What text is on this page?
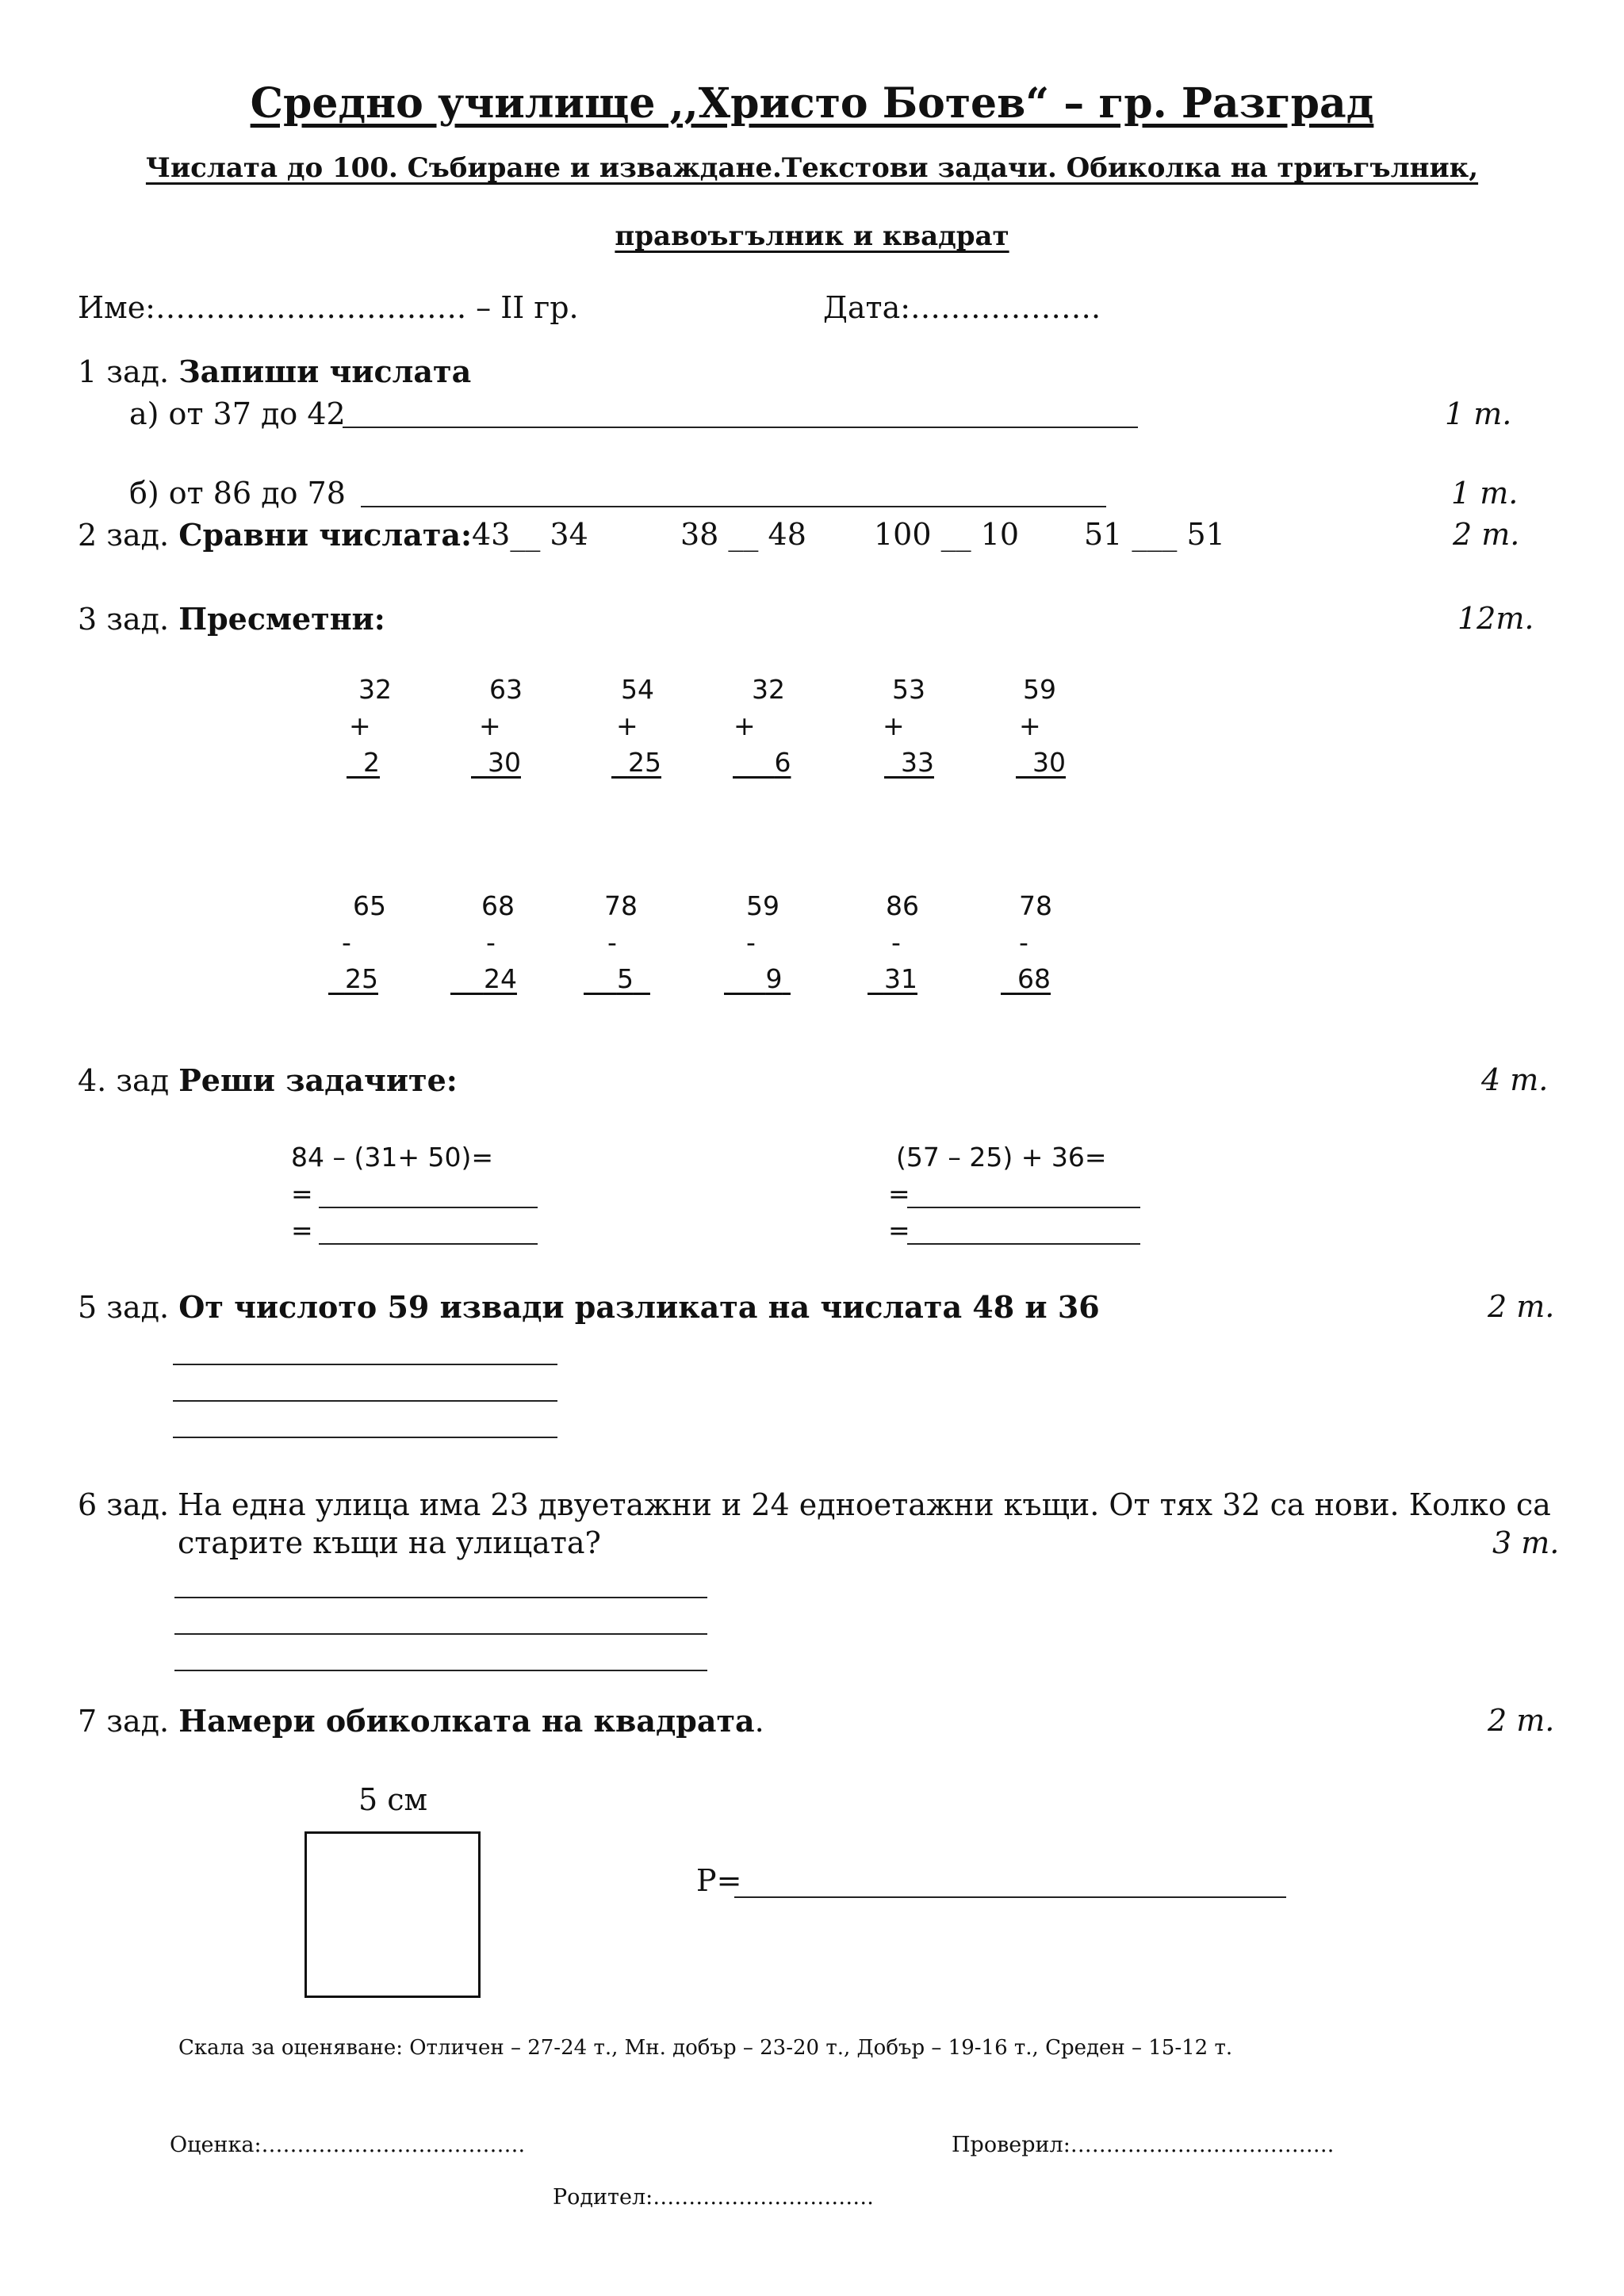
Средно училище ,,Христо Ботев“ – гр. Разград
Числата до 100. Събиране и изваждане.Текстови задачи. Обиколка на триъгълник,
правоъгълник и квадрат
Име:…………………………. – II гр.	Дата:……………….
1 зад. Запиши числата
а) от 37 до 42	1 т.
б) от 86 до 78	1 т.
2 зад. Сравни числата: 43__ 34	38 __ 48 100 __ 10 51 ___ 51	2 т.
3 зад. Пресметни:	12т.
32
+
2
63
+
30
54
+
25
32
+
6
53
+
33
59
+
30
65
-
25
68
-
24
78
-
5
59
-
9
86
-
31
78
-
68
4. зад Реши задачите:	4 т.
84 – (31+ 50)=
=
=
(57 – 25) + 36=
=
=
5 зад. От числото 59 извади разликата на числата 48 и 36	2 т.
6 зад. На една улица има 23 двуетажни и 24 едноетажни къщи. От тях 32 са нови. Колко са
старите къщи на улицата?	3 т.
7 зад. Намери обиколката на квадрата.	2 т.
5 см
Р=
Скала за оценяване: Отличен – 27-24 т., Мн. добър – 23-20 т., Добър – 19-16 т., Среден – 15-12 т.
Оценка:……………………………….	Проверил:……………………………….
Родител:………………………….
